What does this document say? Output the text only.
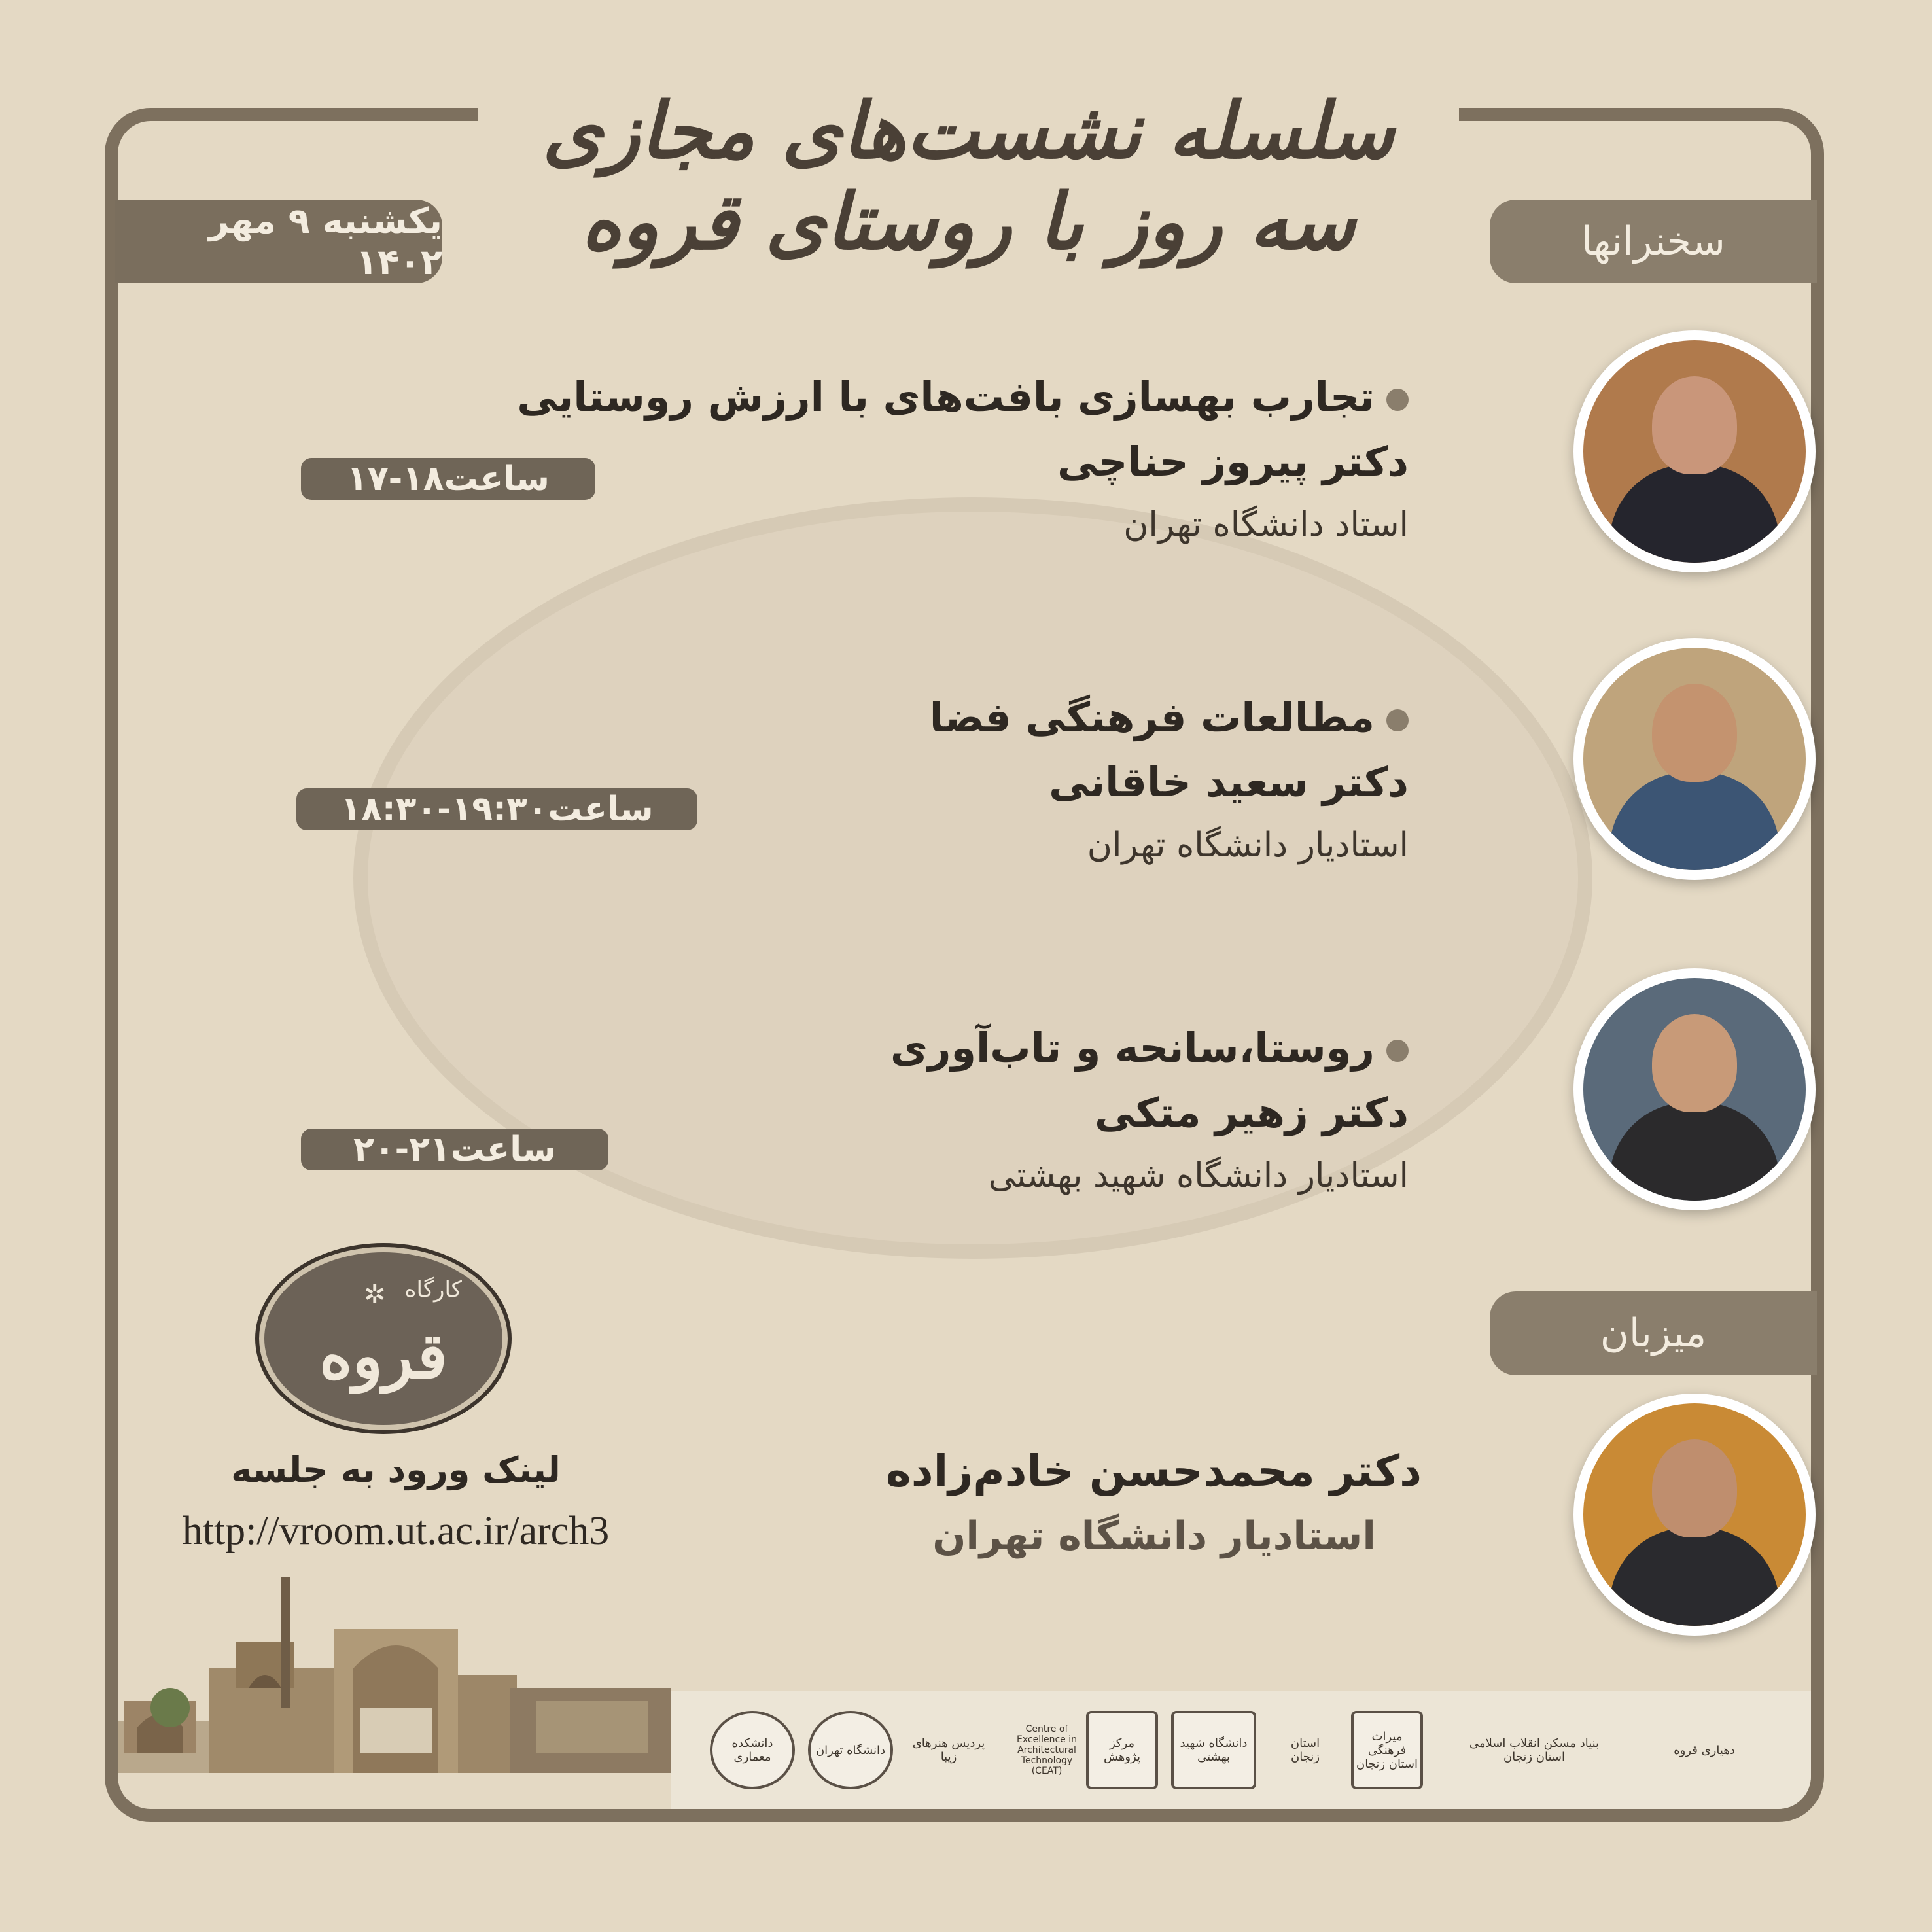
سلسله نشست‌های مجازی سه روز با روستای قروه
یکشنبه ۹ مهر ۱۴۰۲	سخنرانها
تجارب بهسازی بافت‌های با ارزش روستایی
دکتر پیروز حناچی
استاد دانشگاه تهران
ساعت۱۸-۱۷
مطالعات فرهنگی فضا
دکتر سعید خاقانی
استادیار دانشگاه تهران
ساعت۱۹:۳۰-۱۸:۳۰
روستا،سانحه و تاب‌آوری
دکتر زهیر متکی
استادیار دانشگاه شهید بهشتی
ساعت۲۱-۲۰
میزبان
دکتر محمدحسن خادم‌زاده
استادیار دانشگاه تهران
کارگاه
✲
قروه
لینک ورود به جلسه
http://vroom.ut.ac.ir/arch3
دانشکده معماری	دانشگاه تهران	پردیس هنرهای زیبا
Centre of Excellence in Architectural Technology (CEAT)
مرکز پژوهش
دانشگاه شهید بهشتی
استان زنجان
میراث فرهنگی استان زنجان
بنیاد مسکن انقلاب اسلامی استان زنجان	دهیاری قروه
